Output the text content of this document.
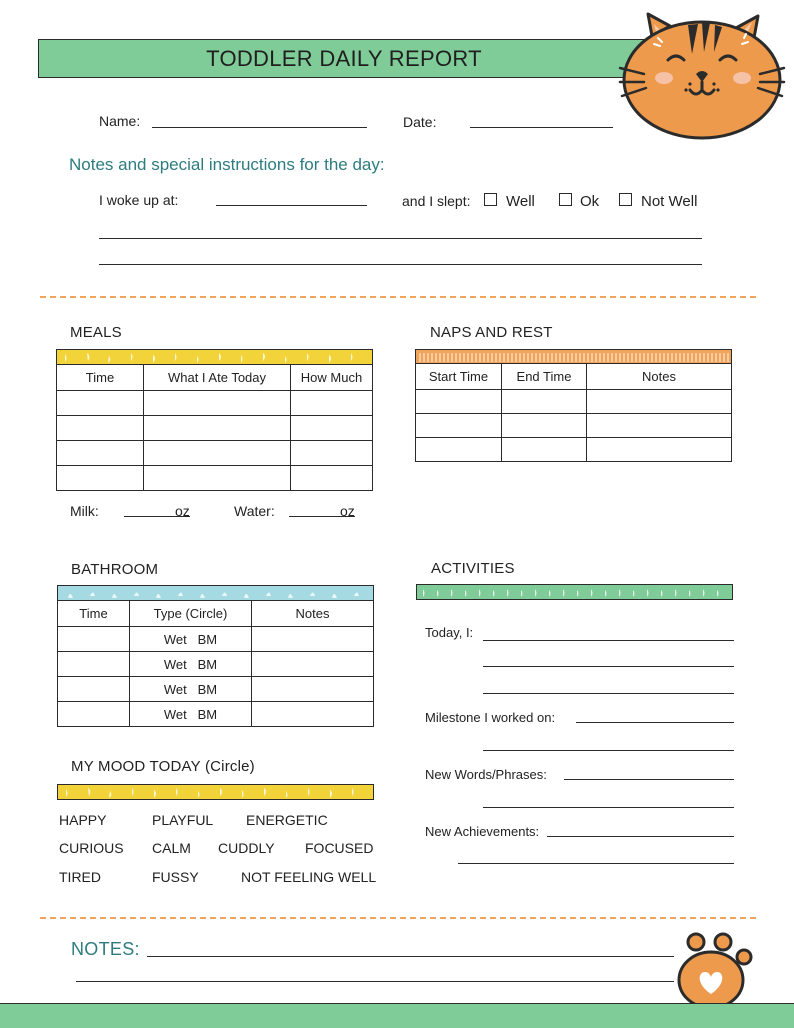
TODDLER DAILY REPORT
Name:	Date:
Notes and special instructions for the day:
I woke up at:	and I slept: Well	Ok	Not Well
MEALS
Time	What I Ate Today	How Much

Milk:	oz	Water:	oz
NAPS AND REST
Start Time	End Time	Notes

BATHROOM
Time	Type (Circle)	Notes
	Wet BM	
	Wet BM	
	Wet BM	
	Wet BM	
MY MOOD TODAY (Circle)
HAPPY	PLAYFUL ENERGETIC
CURIOUS CALM CUDDLY FOCUSED
TIRED	FUSSY	NOT FEELING WELL
ACTIVITIES
Today, I:
Milestone I worked on:
New Words/Phrases:
New Achievements:
NOTES:
